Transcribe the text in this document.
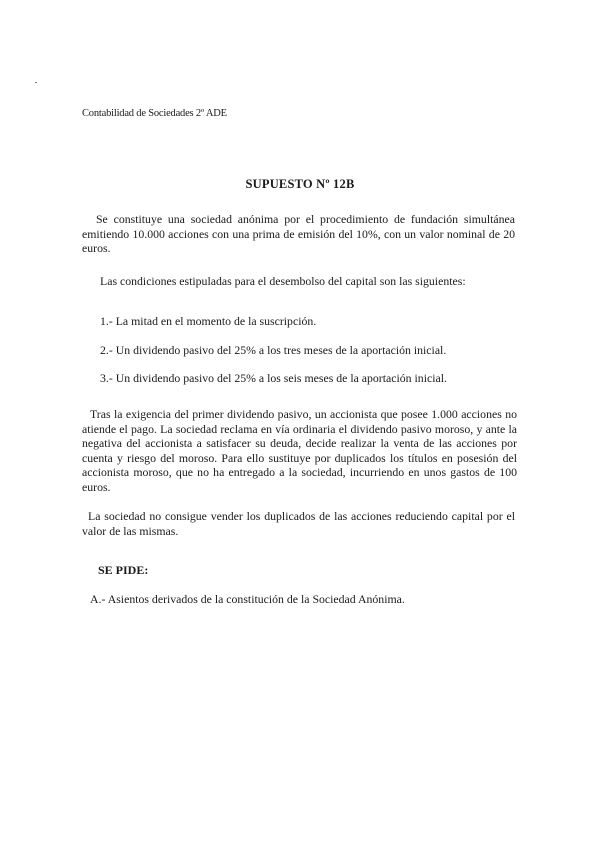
Contabilidad de Sociedades 2º ADE
SUPUESTO Nº 12B
Se constituye una sociedad anónima por el procedimiento de fundación simultánea emitiendo 10.000 acciones con una prima de emisión del 10%, con un valor nominal de 20 euros.
Las condiciones estipuladas para el desembolso del capital son las siguientes:
1.- La mitad en el momento de la suscripción.
2.- Un dividendo pasivo del 25% a los tres meses de la aportación inicial.
3.- Un dividendo pasivo del 25% a los seis meses de la aportación inicial.
Tras la exigencia del primer dividendo pasivo, un accionista que posee 1.000 acciones no atiende el pago. La sociedad reclama en vía ordinaria el dividendo pasivo moroso, y ante la negativa del accionista a satisfacer su deuda, decide realizar la venta de las acciones por cuenta y riesgo del moroso. Para ello sustituye por duplicados los títulos en posesión del accionista moroso, que no ha entregado a la sociedad, incurriendo en unos gastos de 100 euros.
La sociedad no consigue vender los duplicados de las acciones reduciendo capital por el valor de las mismas.
SE PIDE:
A.- Asientos derivados de la constitución de la Sociedad Anónima.
